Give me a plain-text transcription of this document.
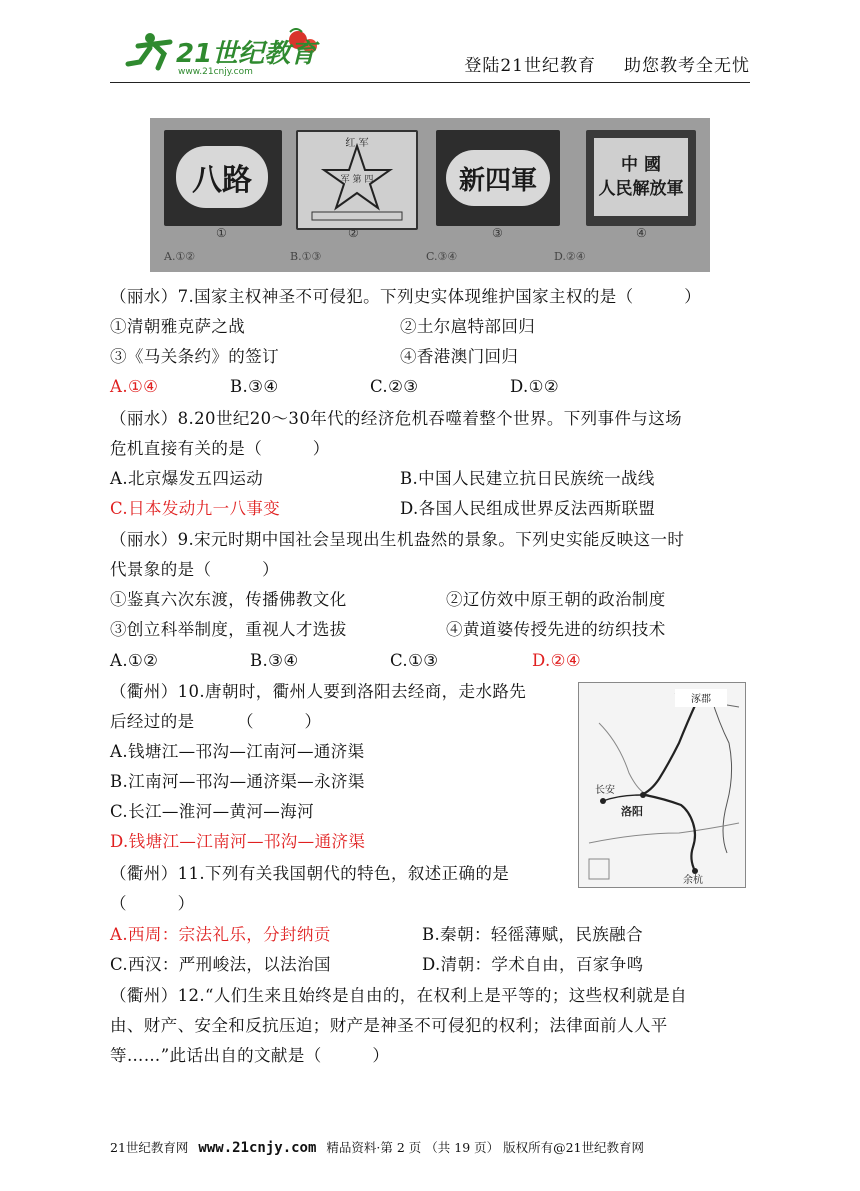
21世纪教育
www.21cnjy.com	登陆21世纪教育 助您教考全无忧
八路
红 军
军 第 四	新四軍
中 國
人民解放軍
①	②	③	④
A.①②	B.①③	C.③④	D.②④
（丽水）7.国家主权神圣不可侵犯。下列史实体现维护国家主权的是（　　　）
①清朝雅克萨之战	②土尔扈特部回归
③《马关条约》的签订	④香港澳门回归
A.①④	B.③④	C.②③	D.①②
（丽水）8.20世纪20～30年代的经济危机吞噬着整个世界。下列事件与这场
危机直接有关的是（　　　）
A.北京爆发五四运动	B.中国人民建立抗日民族统一战线
C.日本发动九一八事变	D.各国人民组成世界反法西斯联盟
（丽水）9.宋元时期中国社会呈现出生机盎然的景象。下列史实能反映这一时
代景象的是（　　　）
①鉴真六次东渡，传播佛教文化	②辽仿效中原王朝的政治制度
③创立科举制度，重视人才选拔	④黄道婆传授先进的纺织技术
A.①②	B.③④	C.①③	D.②④
（衢州）10.唐朝时，衢州人要到洛阳去经商，走水路先
后经过的是　　　（　　　）
A.钱塘江—邗沟—江南河—通济渠
B.江南河—邗沟—通济渠—永济渠
C.长江—淮河—黄河—海河
D.钱塘江—江南河—邗沟—通济渠
涿郡
长安
洛阳
余杭
（衢州）11.下列有关我国朝代的特色，叙述正确的是
（　　　）
A.西周：宗法礼乐，分封纳贡	B.秦朝：轻徭薄赋，民族融合
C.西汉：严刑峻法，以法治国	D.清朝：学术自由，百家争鸣
（衢州）12.“人们生来且始终是自由的，在权利上是平等的；这些权利就是自
由、财产、安全和反抗压迫；财产是神圣不可侵犯的权利；法律面前人人平
等……”此话出自的文献是（　　　）
21世纪教育网 www.21cnjy.com 精品资料·第 2 页 （共 19 页） 版权所有@21世纪教育网
